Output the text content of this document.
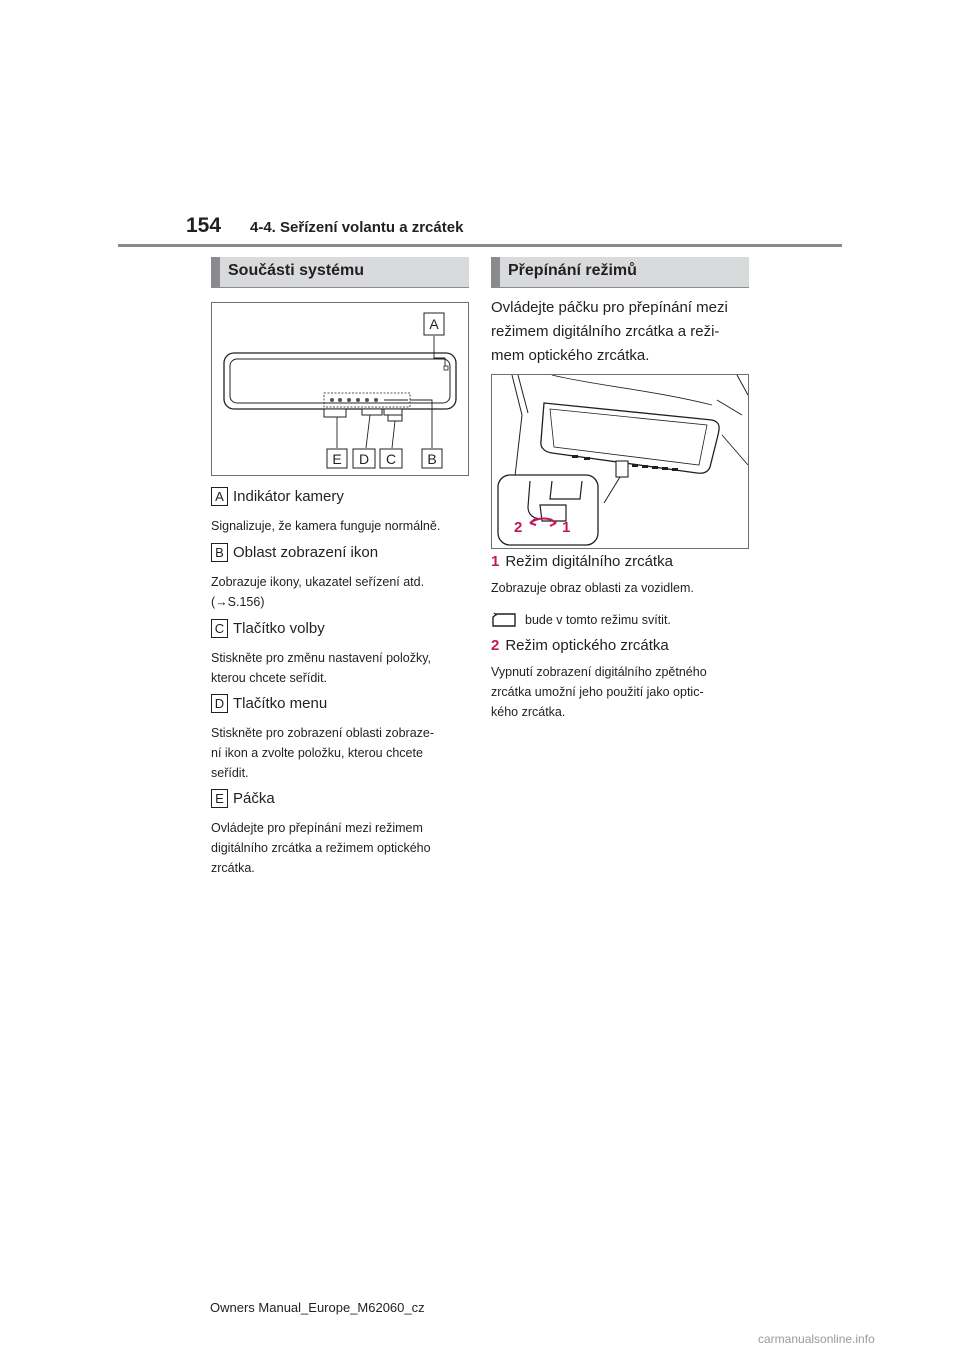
154 4-4. Seřízení volantu a zrcátek
Součásti systému
A
E D C B
A Indikátor kamery
Signalizuje, že kamera funguje normálně.
B Oblast zobrazení ikon
Zobrazuje ikony, ukazatel seřízení atd.
(→S.156)
C Tlačítko volby
Stiskněte pro změnu nastavení položky,
kterou chcete seřídit.
D Tlačítko menu
Stiskněte pro zobrazení oblasti zobraze-
ní ikon a zvolte položku, kterou chcete
seřídit.
E Páčka
Ovládejte pro přepínání mezi režimem
digitálního zrcátka a režimem optického
zrcátka.
Přepínání režimů
Ovládejte páčku pro přepínání mezi
režimem digitálního zrcátka a reži-
mem optického zrcátka.
2	1
1 Režim digitálního zrcátka
Zobrazuje obraz oblasti za vozidlem.
bude v tomto režimu svítit.
2 Režim optického zrcátka
Vypnutí zobrazení digitálního zpětného
zrcátka umožní jeho použití jako optic-
kého zrcátka.
Owners Manual_Europe_M62060_cz
carmanualsonline.info
